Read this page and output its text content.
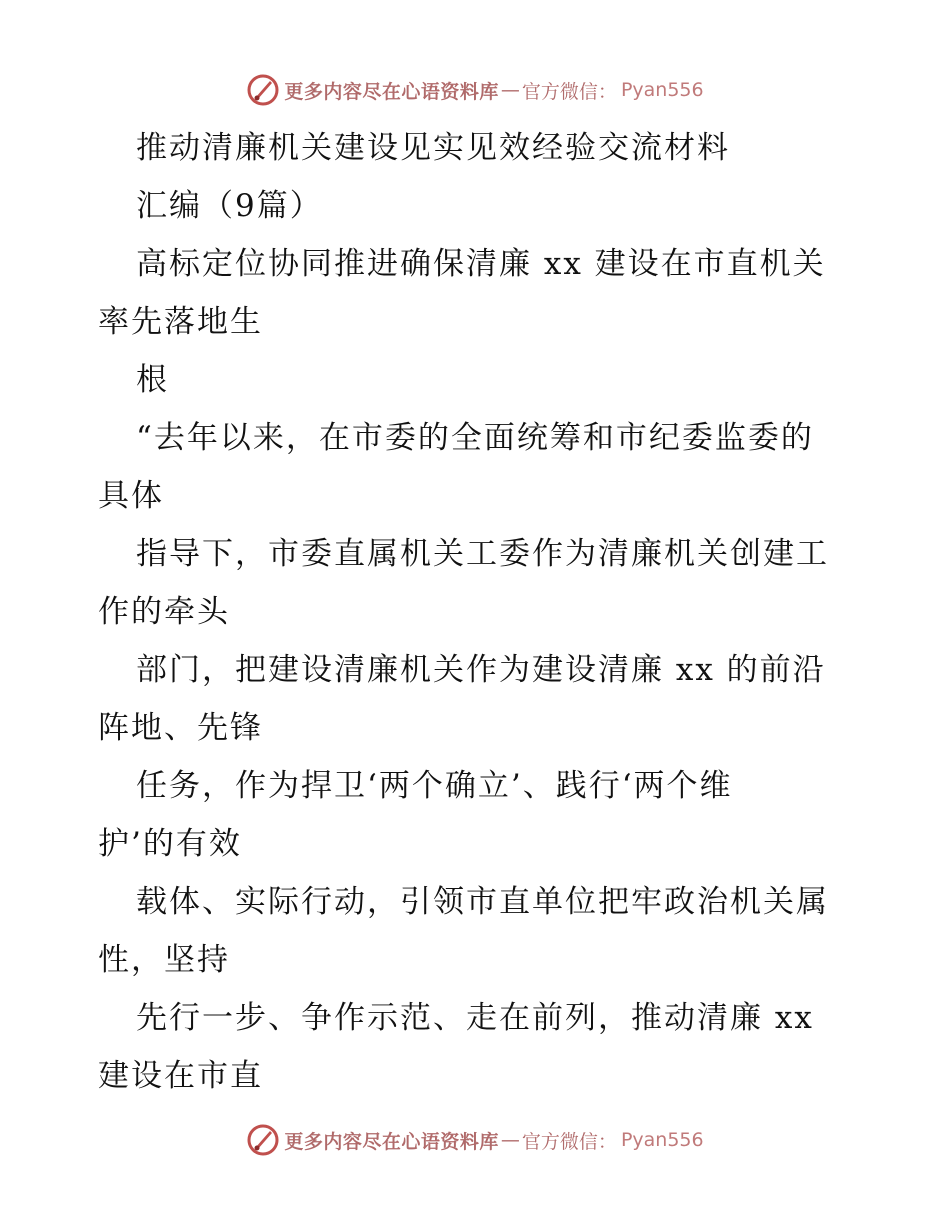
更多内容尽在心语资料库 — 官方微信： Pyan556
推动清廉机关建设见实见效经验交流材料
汇编（9篇）
高标定位协同推进确保清廉 xx 建设在市直机关
率先落地生
根
“去年以来，在市委的全面统筹和市纪委监委的
具体
指导下，市委直属机关工委作为清廉机关创建工
作的牵头
部门，把建设清廉机关作为建设清廉 xx 的前沿
阵地、先锋
任务，作为捍卫‘两个确立’、践行‘两个维
护’的有效
载体、实际行动，引领市直单位把牢政治机关属
性，坚持
先行一步、争作示范、走在前列，推动清廉 xx
建设在市直
更多内容尽在心语资料库 — 官方微信： Pyan556
